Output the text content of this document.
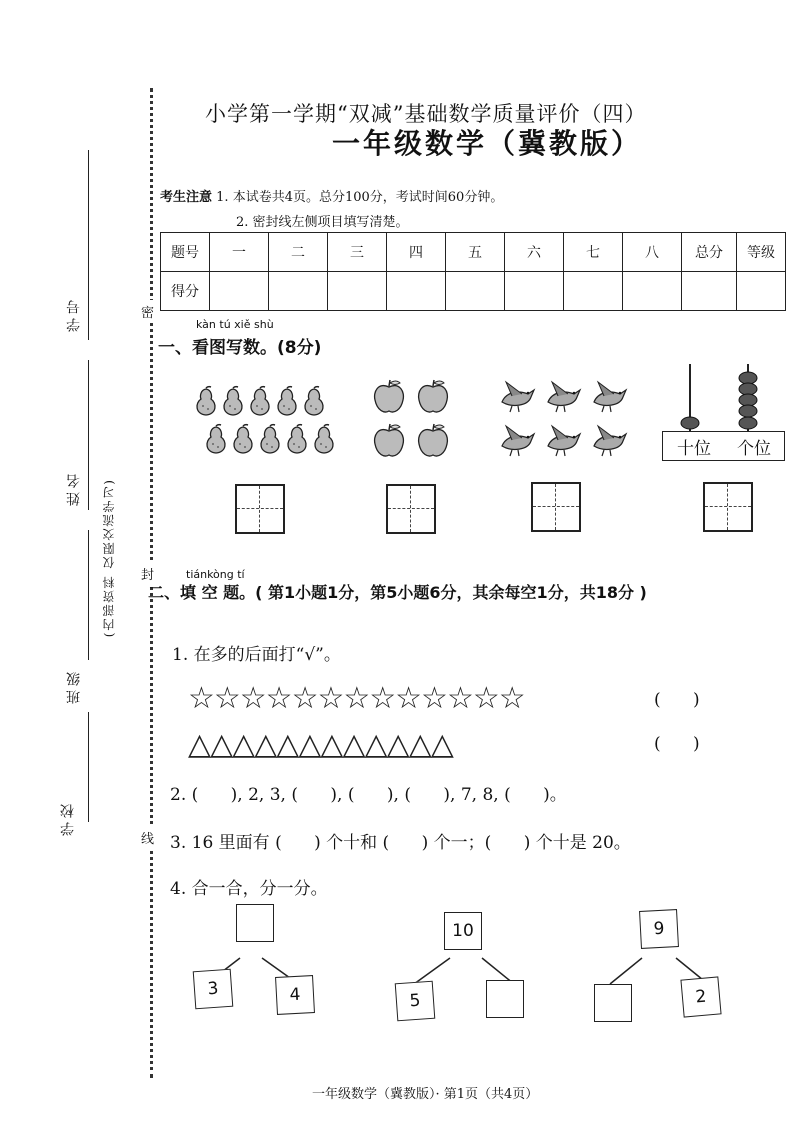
学号
姓名
班级
学校
(内部资料 仅限交流学习)
密
封
线
小学第一学期“双减”基础数学质量评价（四）
一年级数学（冀教版）
考生注意 1. 本试卷共4页。总分100分，考试时间60分钟。
2. 密封线左侧项目填写清楚。
题号	一	二	三	四	五	六	七	八	总分	等级
得分										
kàn tú xiě shù
一、看图写数。(8分)
十位	个位
tiánkòng tí
二、填 空 题。( 第1小题1分，第5小题6分，其余每空1分，共18分 )
1. 在多的后面打“√”。
☆☆☆☆☆☆☆☆☆☆☆☆☆	(      )
△△△△△△△△△△△△	(      )
2. (      ), 2, 3, (      ), (      ), (      ), 7, 8, (      )。
3. 16 里面有 (      ) 个十和 (      ) 个一；(      ) 个十是 20。
4. 合一合，分一分。
3	4
10
5
9
2
一年级数学（冀教版）· 第1页（共4页）
